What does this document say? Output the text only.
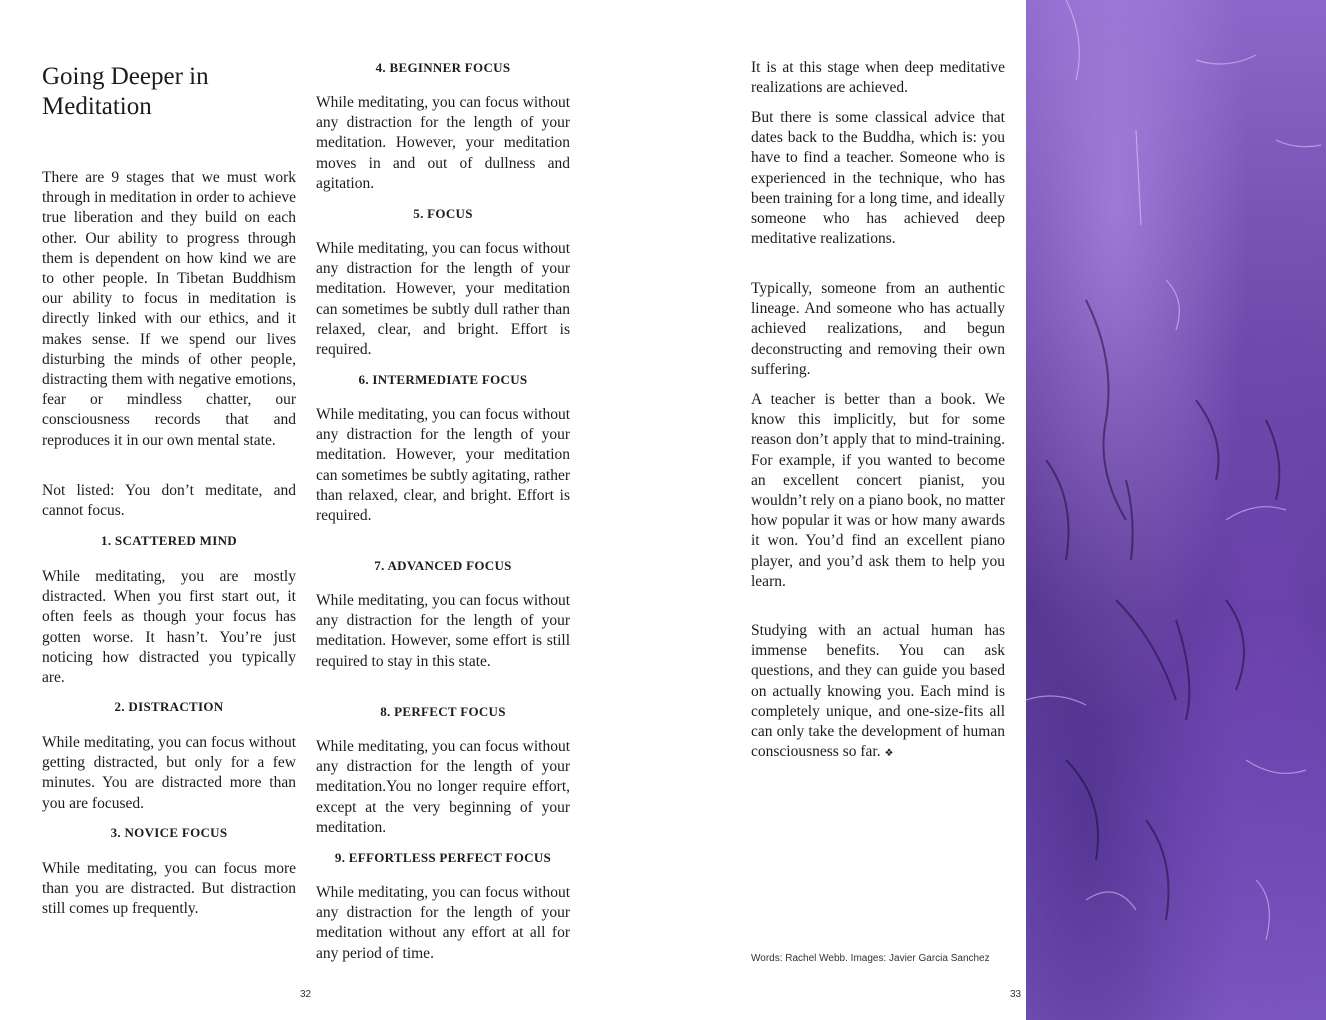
Going Deeper in Meditation

There are 9 stages that we must work through in meditation in order to achieve true liberation and they build on each other. Our ability to progress through them is dependent on how kind we are to other people. In Tibetan Buddhism our ability to focus in meditation is directly linked with our ethics, and it makes sense. If we spend our lives disturbing the minds of other people, distracting them with negative emotions, fear or mindless chatter, our consciousness records that and reproduces it in our own mental state.

Not listed: You don’t meditate, and cannot focus.

1. SCATTERED MIND

While meditating, you are mostly distracted. When you first start out, it often feels as though your focus has gotten worse. It hasn’t. You’re just noticing how distracted you typically are.

2. DISTRACTION

While meditating, you can focus without getting distracted, but only for a few minutes. You are distracted more than you are focused.

3. NOVICE FOCUS

While meditating, you can focus more than you are distracted. But distraction still comes up frequently.

4. BEGINNER FOCUS

While meditating, you can focus without any distraction for the length of your meditation. However, your meditation moves in and out of dullness and agitation.

5. FOCUS

While meditating, you can focus without any distraction for the length of your meditation. However, your meditation can sometimes be subtly dull rather than relaxed, clear, and bright. Effort is required.

6. INTERMEDIATE FOCUS

While meditating, you can focus without any distraction for the length of your meditation. However, your meditation can sometimes be subtly agitating, rather than relaxed, clear, and bright. Effort is required.

7. ADVANCED FOCUS

While meditating, you can focus without any distraction for the length of your meditation. However, some effort is still required to stay in this state.

8. PERFECT FOCUS

While meditating, you can focus without any distraction for the length of your meditation.You no longer require effort, except at the very beginning of your meditation.

9. EFFORTLESS PERFECT FOCUS

While meditating, you can focus without any distraction for the length of your meditation without any effort at all for any period of time.

32

It is at this stage when deep meditative realizations are achieved.

But there is some classical advice that dates back to the Buddha, which is: you have to find a teacher. Someone who is experienced in the technique, who has been training for a long time, and ideally someone who has achieved deep meditative realizations.

Typically, someone from an authentic lineage. And someone who has actually achieved realizations, and begun deconstructing and removing their own suffering.

A teacher is better than a book. We know this implicitly, but for some reason don’t apply that to mind-training. For example, if you wanted to become an excellent concert pianist, you wouldn’t rely on a piano book, no matter how popular it was or how many awards it won. You’d find an excellent piano player, and you’d ask them to help you learn.

Studying with an actual human has immense benefits. You can ask questions, and they can guide you based on actually knowing you. Each mind is completely unique, and one-size-fits all can only take the development of human consciousness so far. ❖

Words: Rachel Webb. Images: Javier Garcia Sanchez
33
